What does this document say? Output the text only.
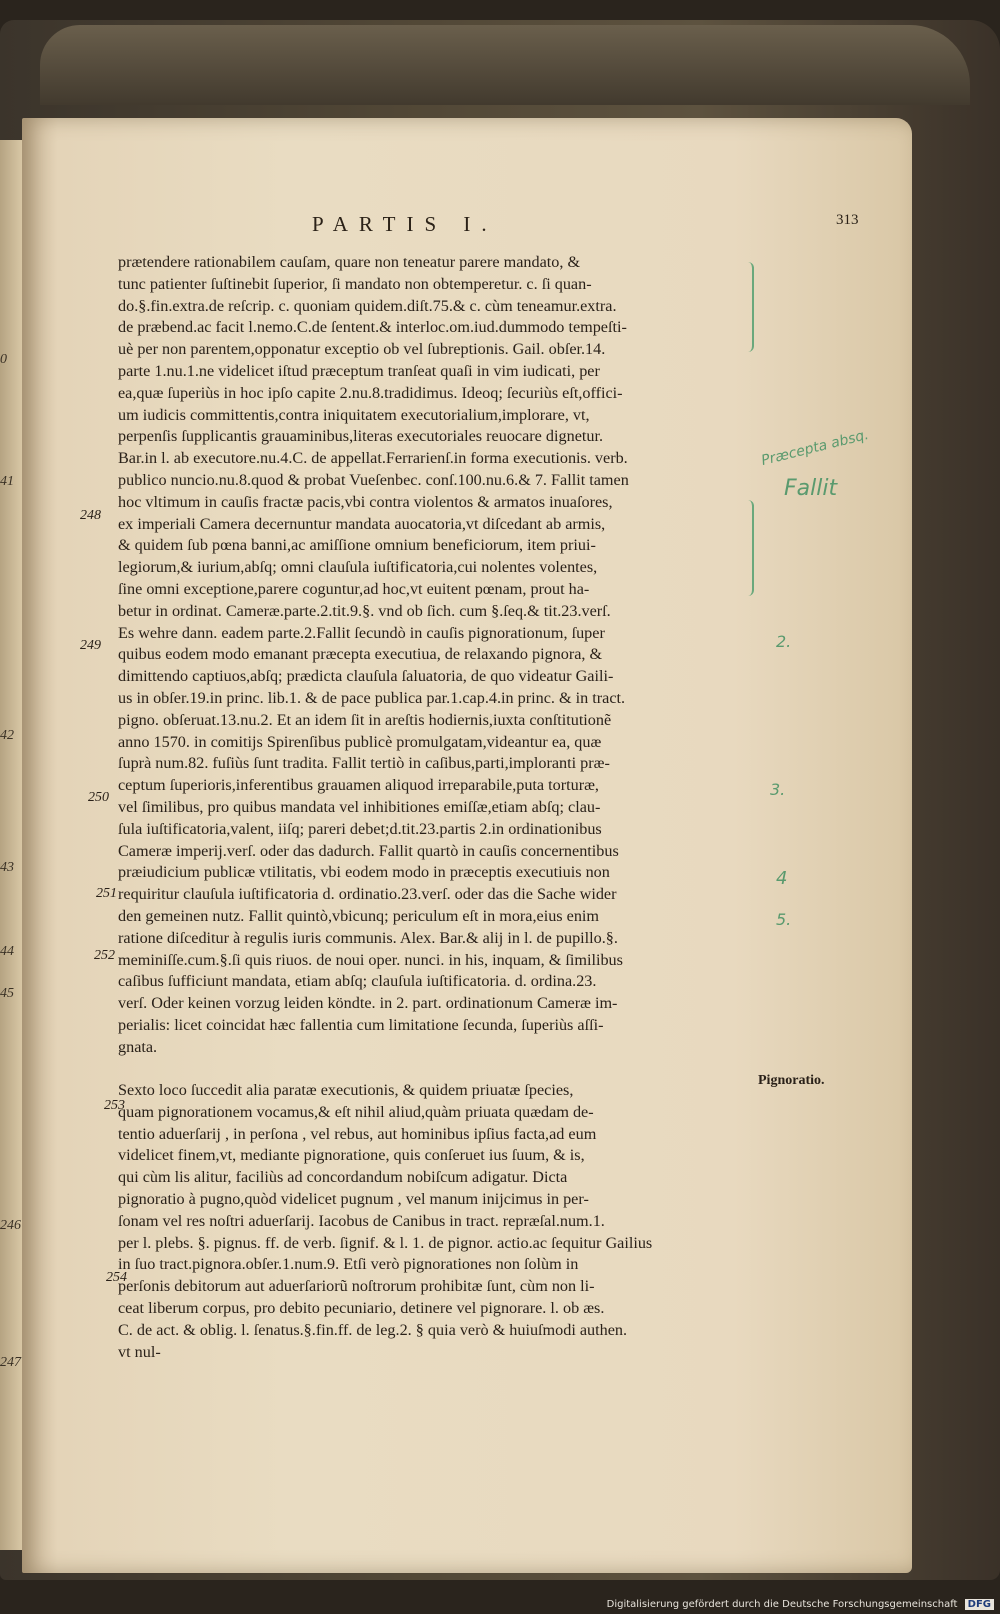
0
41
42
43
44
45
246
247
PARTIS I.	313
prætendere rationabilem cauſam, quare non teneatur parere mandato, &
tunc patienter ſuſtinebit ſuperior, ſi mandato non obtemperetur. c. ſi quan-
do.§.fin.extra.de reſcrip. c. quoniam quidem.diſt.75.& c. cùm teneamur.extra.
de præbend.ac facit l.nemo.C.de ſentent.& interloc.om.iud.dummodo tempeſti-
uè per non parentem,opponatur exceptio ob vel ſubreptionis. Gail. obſer.14.
parte 1.nu.1.ne videlicet iſtud præceptum tranſeat quaſi in vim iudicati, per
ea,quæ ſuperiùs in hoc ipſo capite 2.nu.8.tradidimus. Ideoq; ſecuriùs eſt,offici-
um iudicis committentis,contra iniquitatem executorialium,implorare, vt,
perpenſis ſupplicantis grauaminibus,literas executoriales reuocare dignetur.
Bar.in l. ab executore.nu.4.C. de appellat.Ferrarienſ.in forma executionis. verb.
publico nuncio.nu.8.quod & probat Vueſenbec. conſ.100.nu.6.& 7. Fallit tamen
hoc vltimum in cauſis fractæ pacis,vbi contra violentos & armatos inuaſores,
ex imperiali Camera decernuntur mandata auocatoria,vt diſcedant ab armis,
& quidem ſub pœna banni,ac amiſſione omnium beneficiorum, item priui-
legiorum,& iurium,abſq; omni clauſula iuſtificatoria,cui nolentes volentes,
ſine omni exceptione,parere coguntur,ad hoc,vt euitent pœnam, prout ha-
betur in ordinat. Cameræ.parte.2.tit.9.§. vnd ob ſich. cum §.ſeq.& tit.23.verſ.
Es wehre dann. eadem parte.2.Fallit ſecundò in cauſis pignorationum, ſuper
quibus eodem modo emanant præcepta executiua, de relaxando pignora, &
dimittendo captiuos,abſq; prædicta clauſula ſaluatoria, de quo videatur Gaili-
us in obſer.19.in princ. lib.1. & de pace publica par.1.cap.4.in princ. & in tract.
pigno. obſeruat.13.nu.2. Et an idem ſit in areſtis hodiernis,iuxta conſtitutionẽ
anno 1570. in comitijs Spirenſibus publicè promulgatam,videantur ea, quæ
ſuprà num.82. fuſiùs ſunt tradita. Fallit tertiò in caſibus,parti,imploranti præ-
ceptum ſuperioris,inferentibus grauamen aliquod irreparabile,puta torturæ,
vel ſimilibus, pro quibus mandata vel inhibitiones emiſſæ,etiam abſq; clau-
ſula iuſtificatoria,valent, iiſq; pareri debet;d.tit.23.partis 2.in ordinationibus
Cameræ imperij.verſ. oder das dadurch. Fallit quartò in cauſis concernentibus
præiudicium publicæ vtilitatis, vbi eodem modo in præceptis executiuis non
requiritur clauſula iuſtificatoria d. ordinatio.23.verſ. oder das die Sache wider
den gemeinen nutz. Fallit quintò,vbicunq; periculum eſt in mora,eius enim
ratione diſceditur à regulis iuris communis. Alex. Bar.& alij in l. de pupillo.§.
meminiſſe.cum.§.ſi quis riuos. de noui oper. nunci. in his, inquam, & ſimilibus
caſibus ſufficiunt mandata, etiam abſq; clauſula iuſtificatoria. d. ordina.23.
verſ. Oder keinen vorzug leiden köndte. in 2. part. ordinationum Cameræ im-
perialis: licet coincidat hæc fallentia cum limitatione ſecunda, ſuperiùs aſſi-
gnata.
Sexto loco ſuccedit alia paratæ executionis, & quidem priuatæ ſpecies,
quam pignorationem vocamus,& eſt nihil aliud,quàm priuata quædam de-
tentio aduerſarij , in perſona , vel rebus, aut hominibus ipſius facta,ad eum
videlicet finem,vt, mediante pignoratione, quis conſeruet ius ſuum, & is,
qui cùm lis alitur, faciliùs ad concordandum nobiſcum adigatur. Dicta
pignoratio à pugno,quòd videlicet pugnum , vel manum inijcimus in per-
ſonam vel res noſtri aduerſarij. Iacobus de Canibus in tract. repræſal.num.1.
per l. plebs. §. pignus. ff. de verb. ſignif. & l. 1. de pignor. actio.ac ſequitur Gailius
in ſuo tract.pignora.obſer.1.num.9. Etſi verò pignorationes non ſolùm in
perſonis debitorum aut aduerſariorũ noſtrorum prohibitæ ſunt, cùm non li-
ceat liberum corpus, pro debito pecuniario, detinere vel pignorare. l. ob æs.
C. de act. & oblig. l. ſenatus.§.fin.ff. de leg.2. § quia verò & huiuſmodi authen.
vt nul-
248
249
250
251
252
253
254
Pignoratio.
Præcepta absq.
Fallit
2.
3.
4
5.
Digitalisierung gefördert durch die Deutsche Forschungsgemeinschaft DFG
